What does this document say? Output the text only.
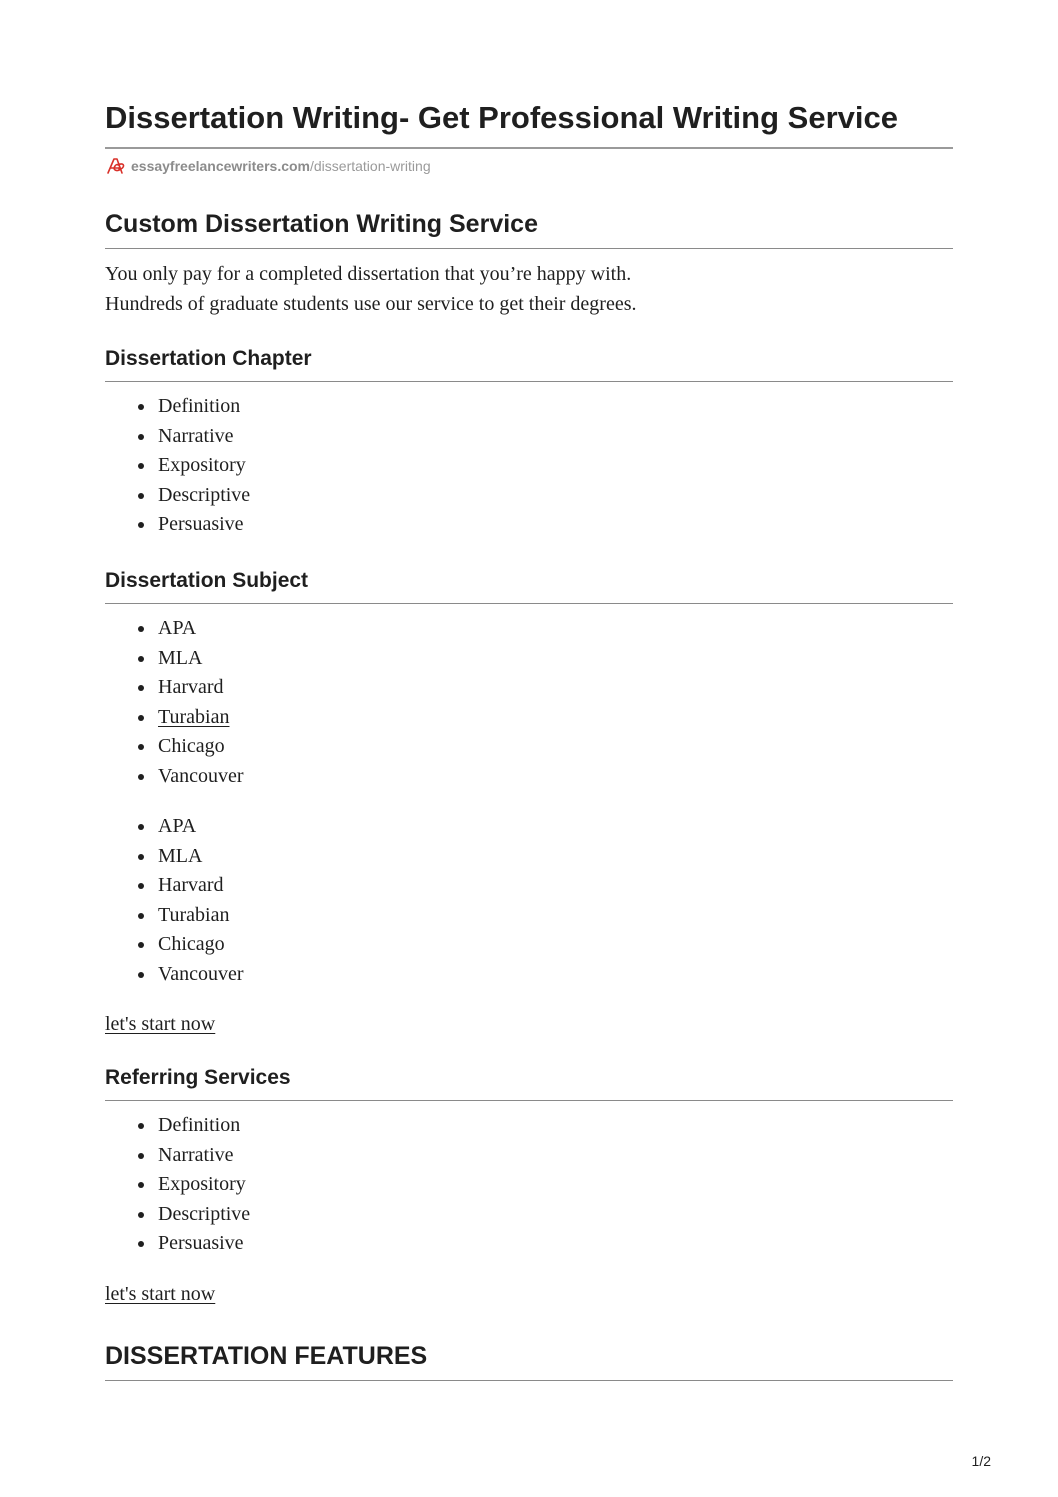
Dissertation Writing- Get Professional Writing Service
essayfreelancewriters.com /dissertation-writing
Custom Dissertation Writing Service

You only pay for a completed dissertation that you’re happy with.
Hundreds of graduate students use our service to get their degrees.

Dissertation Chapter
Definition
Narrative
Expository
Descriptive
Persuasive
Dissertation Subject
APA
MLA
Harvard
Turabian
Chicago
Vancouver
APA
MLA
Harvard
Turabian
Chicago
Vancouver
let's start now
Referring Services
Definition
Narrative
Expository
Descriptive
Persuasive
let's start now
DISSERTATION FEATURES
1/2
